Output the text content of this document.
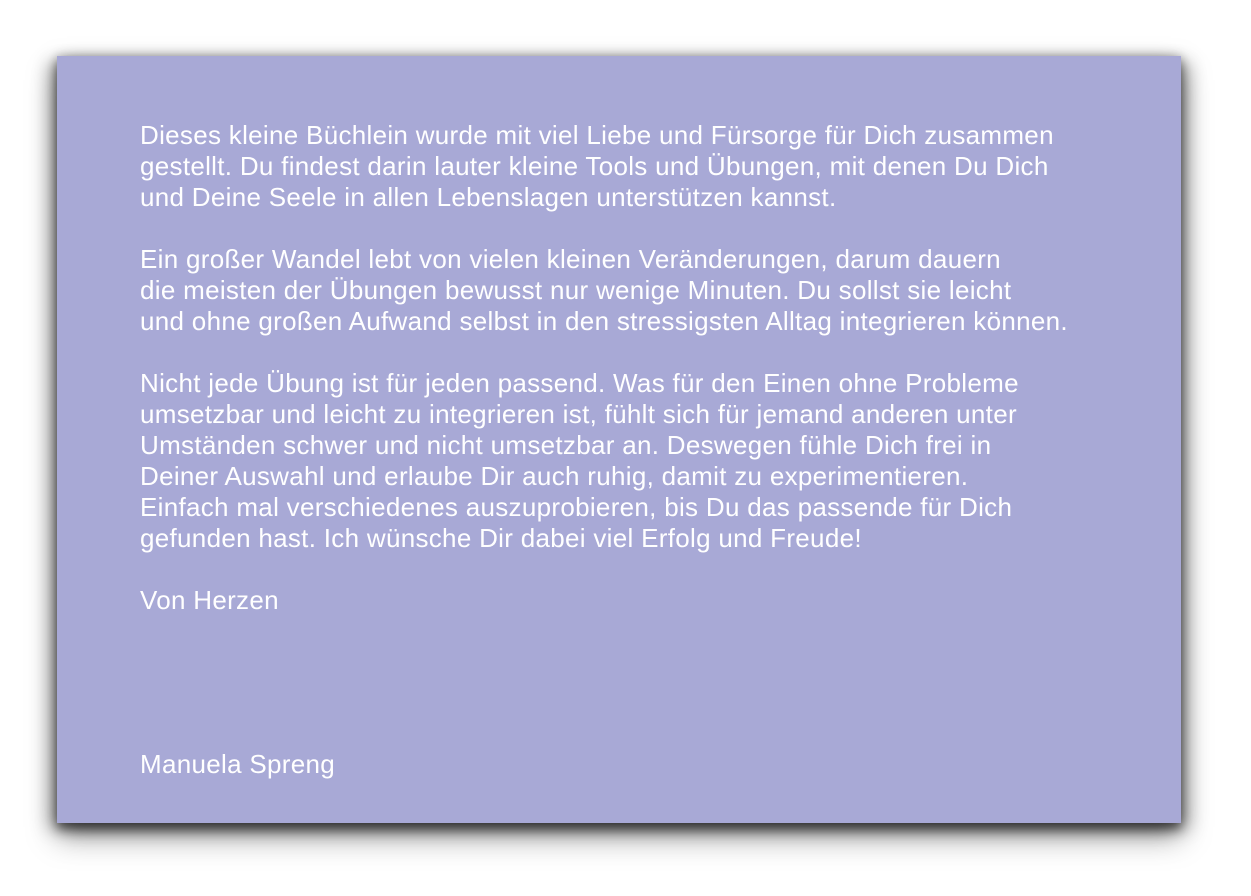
Dieses kleine Büchlein wurde mit viel Liebe und Fürsorge für Dich zusammen
gestellt. Du findest darin lauter kleine Tools und Übungen, mit denen Du Dich
und Deine Seele in allen Lebenslagen unterstützen kannst.
Ein großer Wandel lebt von vielen kleinen Veränderungen, darum dauern
die meisten der Übungen bewusst nur wenige Minuten. Du sollst sie leicht
und ohne großen Aufwand selbst in den stressigsten Alltag integrieren können.
Nicht jede Übung ist für jeden passend. Was für den Einen ohne Probleme
umsetzbar und leicht zu integrieren ist, fühlt sich für jemand anderen unter
Umständen schwer und nicht umsetzbar an. Deswegen fühle Dich frei in
Deiner Auswahl und erlaube Dir auch ruhig, damit zu experimentieren.
Einfach mal verschiedenes auszuprobieren, bis Du das passende für Dich
gefunden hast. Ich wünsche Dir dabei viel Erfolg und Freude!
Von Herzen
Manuela Spreng
